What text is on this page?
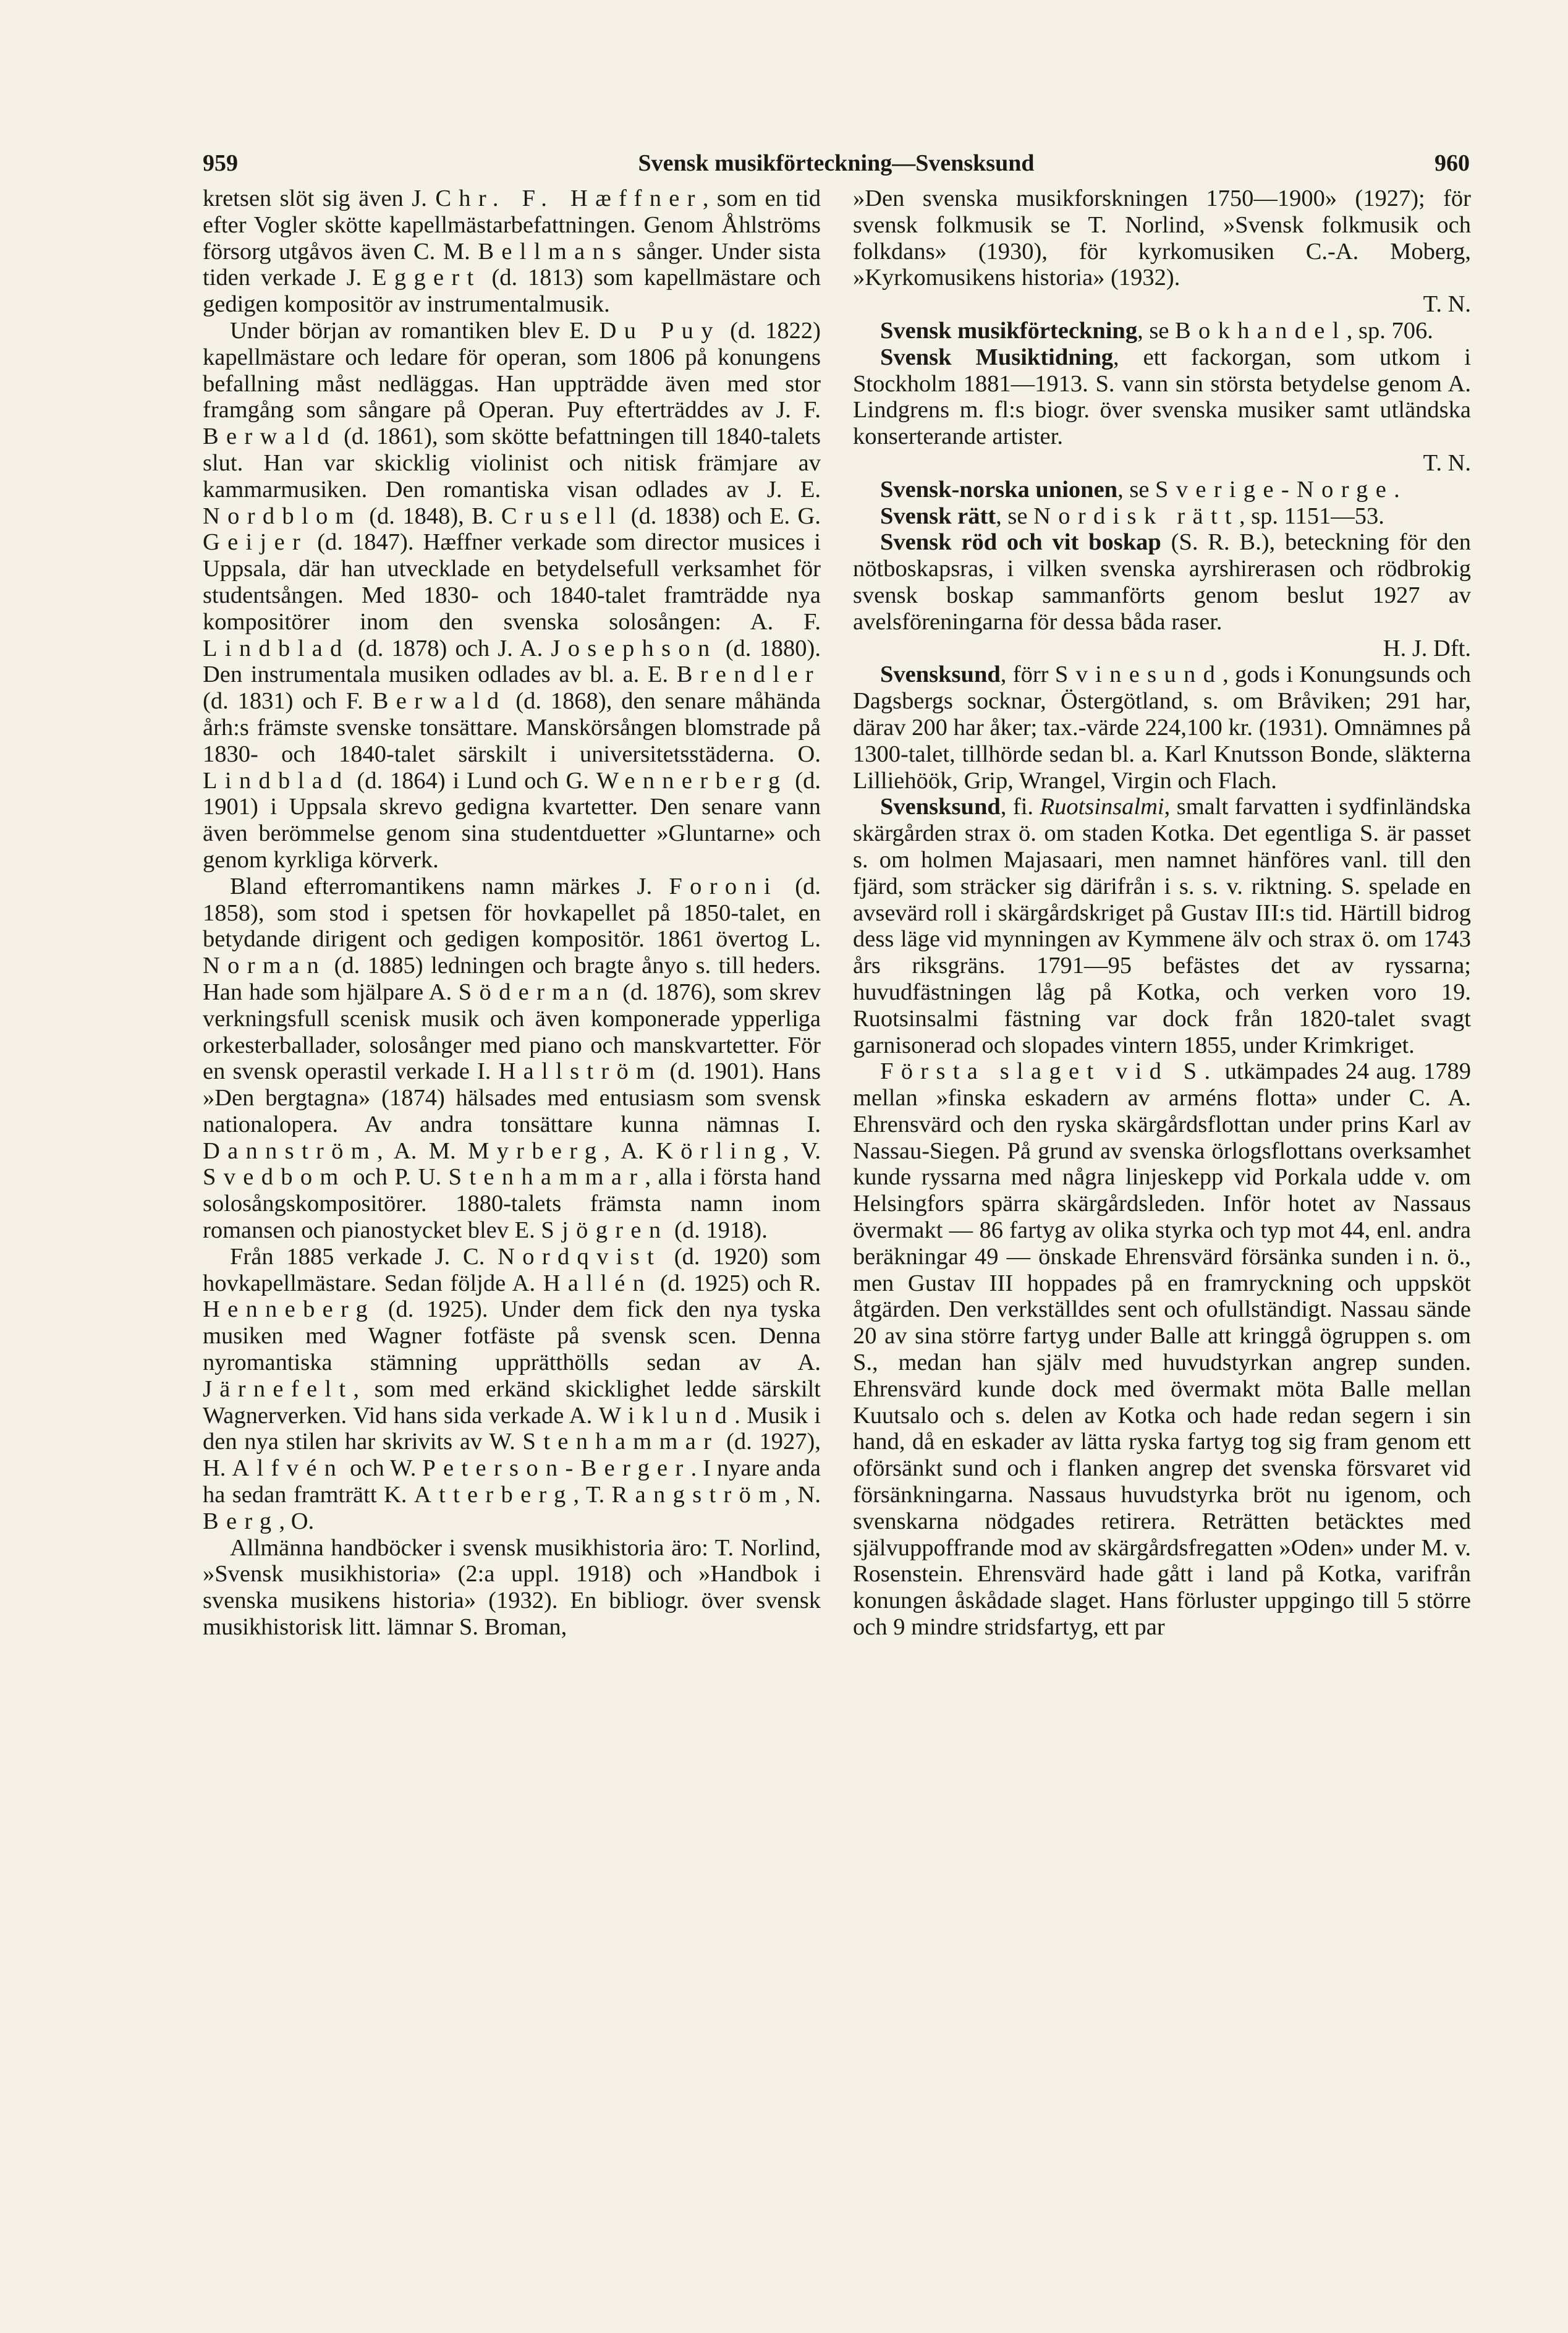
959	Svensk musikförteckning—Svensksund	960

kretsen slöt sig även J. Chr. F. Hæffner, som en tid efter Vogler skötte kapellmästarbefattningen. Genom Åhlströms försorg utgåvos även C. M. Bellmans sånger. Under sista tiden verkade J. Eggert (d. 1813) som kapellmästare och gedigen kompositör av instrumentalmusik.

Under början av romantiken blev E. Du Puy (d. 1822) kapellmästare och ledare för operan, som 1806 på konungens befallning måst nedläggas. Han uppträdde även med stor framgång som sångare på Operan. Puy efterträddes av J. F. Berwald (d. 1861), som skötte befattningen till 1840-talets slut. Han var skicklig violinist och nitisk främjare av kammarmusiken. Den romantiska visan odlades av J. E. Nordblom (d. 1848), B. Crusell (d. 1838) och E. G. Geijer (d. 1847). Hæffner verkade som director musices i Uppsala, där han utvecklade en betydelsefull verksamhet för studentsången. Med 1830- och 1840-talet framträdde nya kompositörer inom den svenska solosången: A. F. Lindblad (d. 1878) och J. A. Josephson (d. 1880). Den instrumentala musiken odlades av bl. a. E. Brendler (d. 1831) och F. Berwald (d. 1868), den senare måhända årh:s främste svenske tonsättare. Manskörsången blomstrade på 1830- och 1840-talet särskilt i universitetsstäderna. O. Lindblad (d. 1864) i Lund och G. Wennerberg (d. 1901) i Uppsala skrevo gedigna kvartetter. Den senare vann även berömmelse genom sina studentduetter »Gluntarne» och genom kyrkliga körverk.

Bland efterromantikens namn märkes J. Foroni (d. 1858), som stod i spetsen för hovkapellet på 1850-talet, en betydande dirigent och gedigen kompositör. 1861 övertog L. Norman (d. 1885) ledningen och bragte ånyo s. till heders. Han hade som hjälpare A. Söderman (d. 1876), som skrev verkningsfull scenisk musik och även komponerade ypperliga orkesterballader, solosånger med piano och manskvartetter. För en svensk operastil verkade I. Hallström (d. 1901). Hans »Den bergtagna» (1874) hälsades med entusiasm som svensk nationalopera. Av andra tonsättare kunna nämnas I. Dannström, A. M. Myrberg, A. Körling, V. Svedbom och P. U. Stenhammar, alla i första hand solosångskompositörer. 1880-talets främsta namn inom romansen och pianostycket blev E. Sjögren (d. 1918).

Från 1885 verkade J. C. Nordqvist (d. 1920) som hovkapellmästare. Sedan följde A. Hallén (d. 1925) och R. Henneberg (d. 1925). Under dem fick den nya tyska musiken med Wagner fotfäste på svensk scen. Denna nyromantiska stämning upprätthölls sedan av A. Järnefelt, som med erkänd skicklighet ledde särskilt Wagnerverken. Vid hans sida verkade A. Wiklund. Musik i den nya stilen har skrivits av W. Stenhammar (d. 1927), H. Alfvén och W. Peterson-Berger. I nyare anda ha sedan framträtt K. Atterberg, T. Rangström, N. Berg, O.

Allmänna handböcker i svensk musikhistoria äro: T. Norlind, »Svensk musikhistoria» (2:a uppl. 1918) och »Handbok i svenska musikens historia» (1932). En bibliogr. över svensk musikhistorisk litt. lämnar S. Broman,

»Den svenska musikforskningen 1750—1900» (1927); för svensk folkmusik se T. Norlind, »Svensk folkmusik och folkdans» (1930), för kyrkomusiken C.-A. Moberg, »Kyrkomusikens historia» (1932).
T. N.

Svensk musikförteckning, se Bokhandel, sp. 706.

Svensk Musiktidning, ett fackorgan, som utkom i Stockholm 1881—1913. S. vann sin största betydelse genom A. Lindgrens m. fl:s biogr. över svenska musiker samt utländska konserterande artister.
T. N.

Svensk-norska unionen, se Sverige-Norge.

Svensk rätt, se Nordisk rätt, sp. 1151—53.

Svensk röd och vit boskap (S. R. B.), beteckning för den nötboskapsras, i vilken svenska ayrshirerasen och rödbrokig svensk boskap sammanförts genom beslut 1927 av avelsföreningarna för dessa båda raser.
H. J. Dft.

Svensksund, förr Svinesund, gods i Konungsunds och Dagsbergs socknar, Östergötland, s. om Bråviken; 291 har, därav 200 har åker; tax.-värde 224,100 kr. (1931). Omnämnes på 1300-talet, tillhörde sedan bl. a. Karl Knutsson Bonde, släkterna Lilliehöök, Grip, Wrangel, Virgin och Flach.

Svensksund, fi. Ruotsinsalmi, smalt farvatten i sydfinländska skärgården strax ö. om staden Kotka. Det egentliga S. är passet s. om holmen Majasaari, men namnet hänföres vanl. till den fjärd, som sträcker sig därifrån i s. s. v. riktning. S. spelade en avsevärd roll i skärgårdskriget på Gustav III:s tid. Härtill bidrog dess läge vid mynningen av Kymmene älv och strax ö. om 1743 års riksgräns. 1791—95 befästes det av ryssarna; huvudfästningen låg på Kotka, och verken voro 19. Ruotsinsalmi fästning var dock från 1820-talet svagt garnisonerad och slopades vintern 1855, under Krimkriget.

Första slaget vid S. utkämpades 24 aug. 1789 mellan »finska eskadern av arméns flotta» under C. A. Ehrensvärd och den ryska skärgårdsflottan under prins Karl av Nassau-Siegen. På grund av svenska örlogsflottans overksamhet kunde ryssarna med några linjeskepp vid Porkala udde v. om Helsingfors spärra skärgårdsleden. Inför hotet av Nassaus övermakt — 86 fartyg av olika styrka och typ mot 44, enl. andra beräkningar 49 — önskade Ehrensvärd försänka sunden i n. ö., men Gustav III hoppades på en framryckning och uppsköt åtgärden. Den verkställdes sent och ofullständigt. Nassau sände 20 av sina större fartyg under Balle att kringgå ögruppen s. om S., medan han själv med huvudstyrkan angrep sunden. Ehrensvärd kunde dock med övermakt möta Balle mellan Kuutsalo och s. delen av Kotka och hade redan segern i sin hand, då en eskader av lätta ryska fartyg tog sig fram genom ett oförsänkt sund och i flanken angrep det svenska försvaret vid försänkningarna. Nassaus huvudstyrka bröt nu igenom, och svenskarna nödgades retirera. Reträtten betäcktes med självuppoffrande mod av skärgårdsfregatten »Oden» under M. v. Rosenstein. Ehrensvärd hade gått i land på Kotka, varifrån konungen åskådade slaget. Hans förluster uppgingo till 5 större och 9 mindre stridsfartyg, ett par
